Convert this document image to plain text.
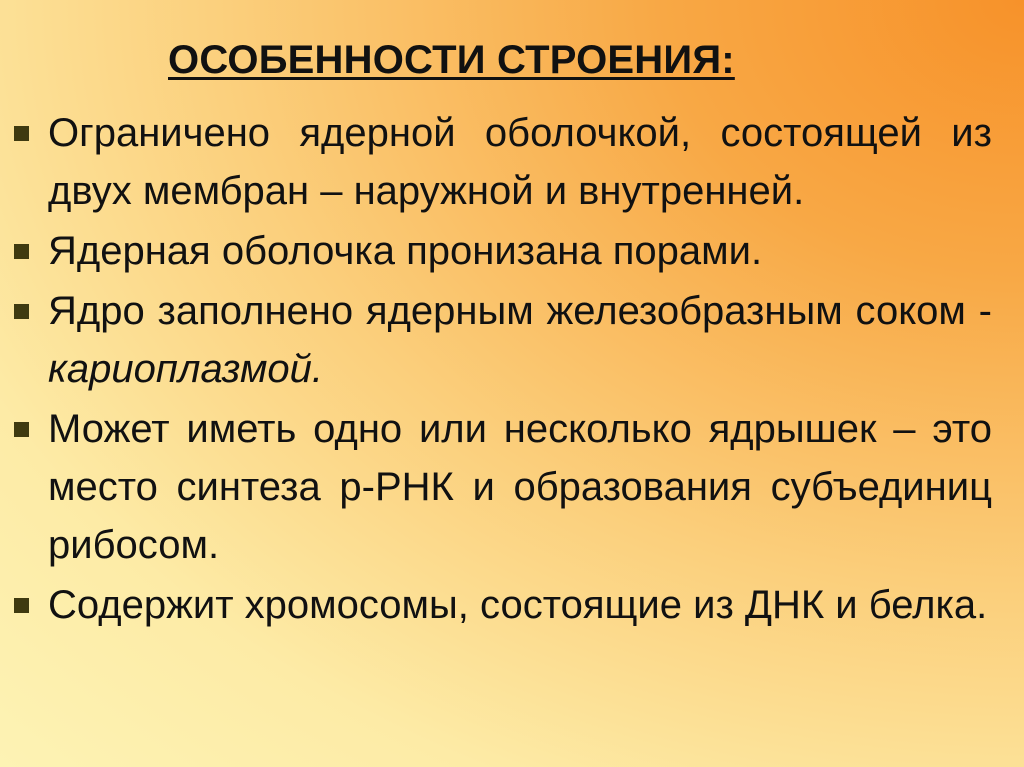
ОСОБЕННОСТИ СТРОЕНИЯ:
Ограничено ядерной оболочкой, состоящей из двух мембран – наружной и внутренней.
Ядерная оболочка пронизана порами.
Ядро заполнено ядерным железобразным соком - кариоплазмой.
Может иметь одно или несколько ядрышек – это место синтеза р-РНК и образования субъединиц рибосом.
Содержит хромосомы, состоящие из ДНК и белка.
